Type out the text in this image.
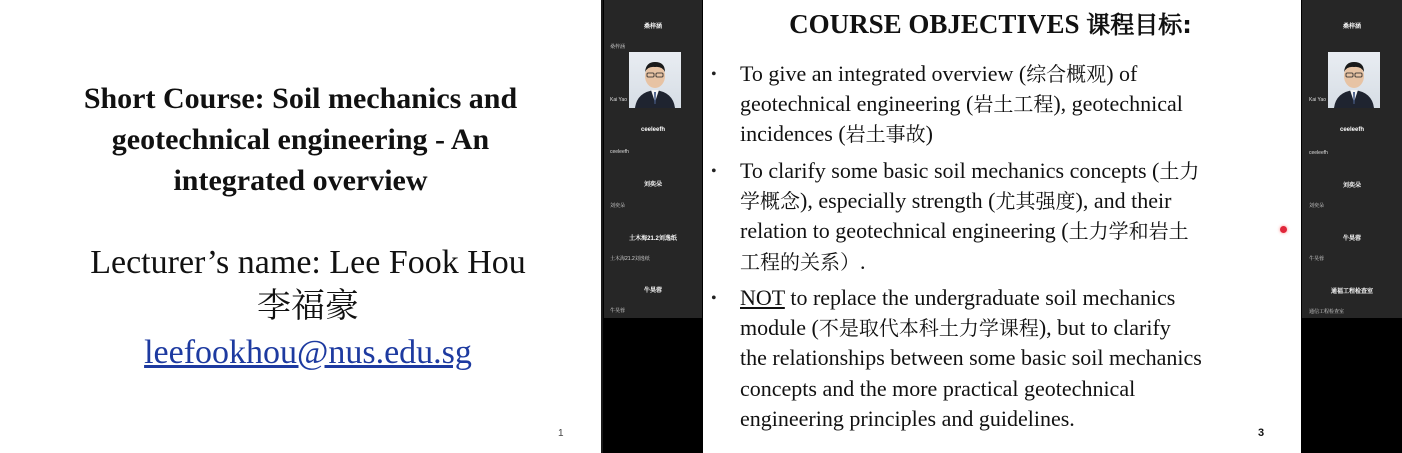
Short Course: Soil mechanics and
geotechnical engineering - An
integrated overview
Lecturer’s name: Lee Fook Hou
李福豪
leefookhou@nus.edu.sg
1
桑梓涵
桑梓涵
Kai Yao
ceeleefh
ceeleefh
刘奕朵
刘奕朵
土木海21.2刘逸纸
土木海21.2刘逸纸
牛昊蓉
牛昊蓉
COURSE OBJECTIVES 课程目标:
• To give an integrated overview (综合概观) of
geotechnical engineering (岩土工程), geotechnical
incidences (岩土事故)
• To clarify some basic soil mechanics concepts (土力
学概念), especially strength (尤其强度), and their
relation to geotechnical engineering (土力学和岩土
工程的关系）.
• NOT to replace the undergraduate soil mechanics
module (不是取代本科土力学课程), but to clarify
the relationships between some basic soil mechanics
concepts and the more practical geotechnical
engineering principles and guidelines.
3
桑梓涵
Kai Yao
ceeleefh
ceeleefh
刘奕朵
刘奕朵
牛昊蓉
牛昊蓉
通福工程检查室
通信工程检查室
